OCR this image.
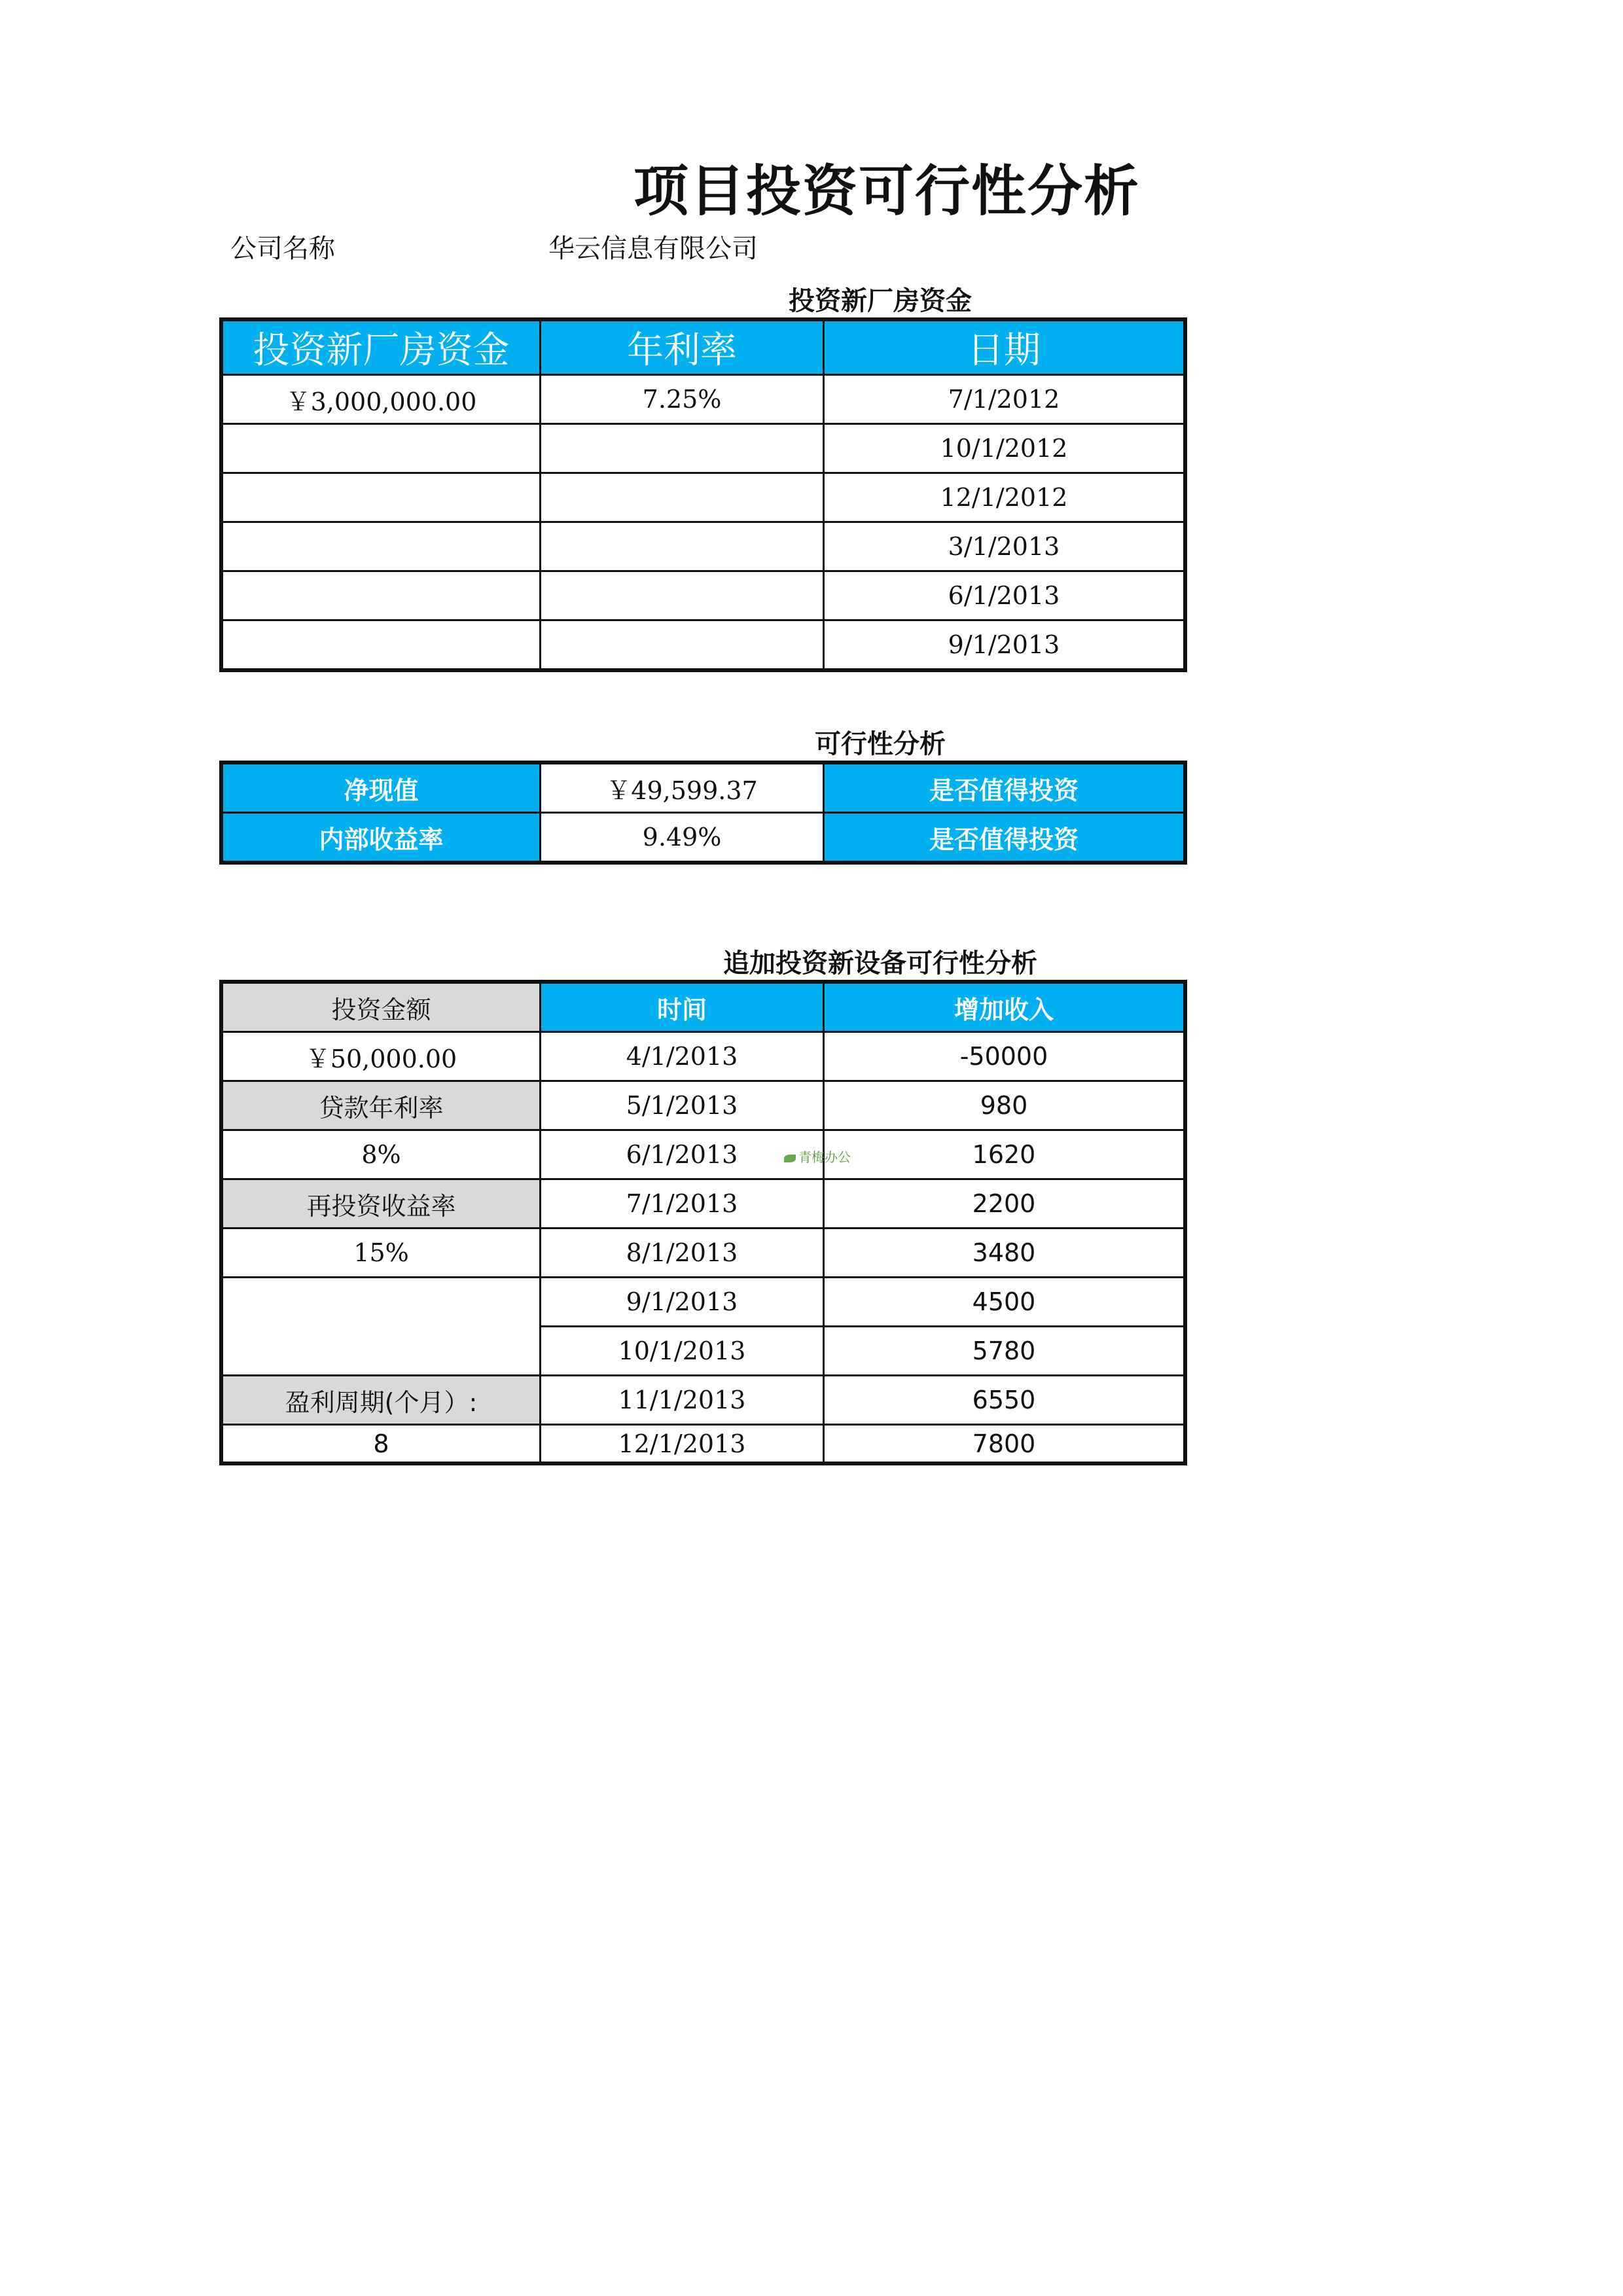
项目投资可行性分析
公司名称	华云信息有限公司
投资新厂房资金
投资新厂房资金	年利率	日期
￥3,000,000.00	7.25%	7/1/2012
		10/1/2012
		12/1/2012
		3/1/2013
		6/1/2013
		9/1/2013
可行性分析
净现值	￥49,599.37	是否值得投资
内部收益率	9.49%	是否值得投资
追加投资新设备可行性分析
投资金额	时间	增加收入
￥50,000.00	4/1/2013	-50000
贷款年利率	5/1/2013	980
8%	6/1/2013	1620
再投资收益率	7/1/2013	2200
15%	8/1/2013	3480
	9/1/2013	4500
	10/1/2013	5780
盈利周期(个月）:	11/1/2013	6550
8	12/1/2013	7800
青梅办公
